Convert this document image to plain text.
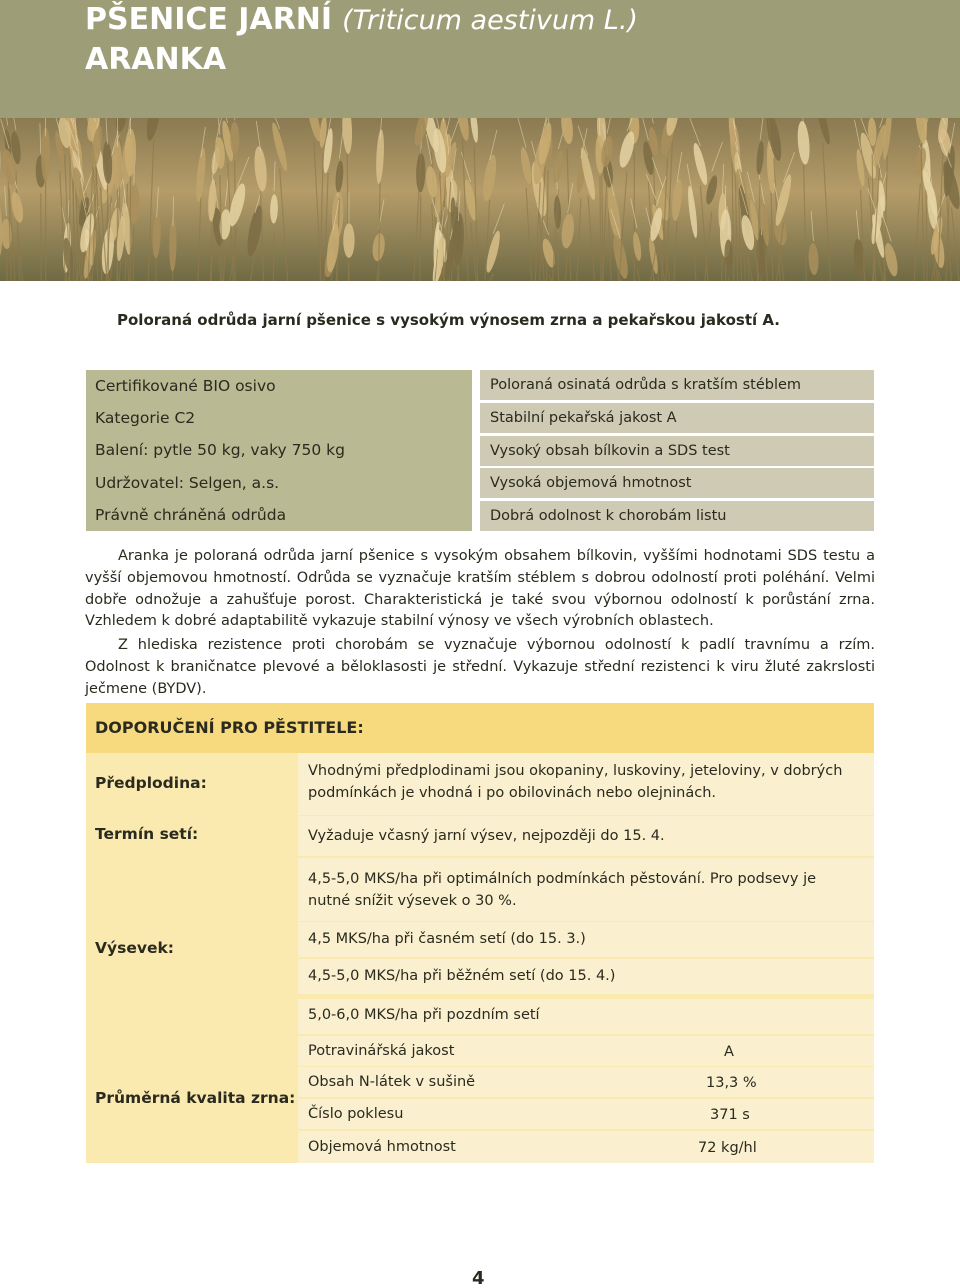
PŠENICE JARNÍ (Triticum aestivum L.)
ARANKA
Poloraná odrůda jarní pšenice s vysokým výnosem zrna a pekařskou jakostí A.
Certifikované BIO osivo
Kategorie C2
Balení: pytle 50 kg, vaky 750 kg
Udržovatel: Selgen, a.s.
Právně chráněná odrůda
Poloraná osinatá odrůda s kratším stéblem
Stabilní pekařská jakost A
Vysoký obsah bílkovin a SDS test
Vysoká objemová hmotnost
Dobrá odolnost k chorobám listu

Aranka je poloraná odrůda jarní pšenice s vysokým obsahem bílkovin, vyššími hodnotami SDS testu a vyšší objemovou hmotností. Odrůda se vyznačuje kratším stéblem s dobrou odolností proti poléhání. Velmi dobře odnožuje a zahušťuje porost. Charakteristická je také svou výbornou odolností k porůstání zrna. Vzhledem k dobré adaptabilitě vykazuje stabilní výnosy ve všech výrobních oblastech.

Z hlediska rezistence proti chorobám se vyznačuje výbornou odolností k padlí travnímu a rzím. Odolnost k braničnatce plevové a běloklasosti je střední. Vykazuje střední rezistenci k viru žluté zakrslosti ječmene (BYDV).

DOPORUČENÍ PRO PĚSTITELE:
Předplodina:
Vhodnými předplodinami jsou okopaniny, luskoviny, jeteloviny, v dobrých podmínkách je vhodná i po obilovinách nebo olejninách.
Termín setí:	Vyžaduje včasný jarní výsev, nejpozději do 15. 4.
Výsevek:
4,5-5,0 MKS/ha při optimálních podmínkách pěstování. Pro podsevy je nutné snížit výsevek o 30 %.
4,5 MKS/ha při časném setí (do 15. 3.)
4,5-5,0 MKS/ha při běžném setí (do 15. 4.)
5,0-6,0 MKS/ha při pozdním setí
Průměrná kvalita zrna:
Potravinářská jakost
Obsah N-látek v sušině
Číslo poklesu
Objemová hmotnost
A
13,3 %
371 s
72 kg/hl
4
